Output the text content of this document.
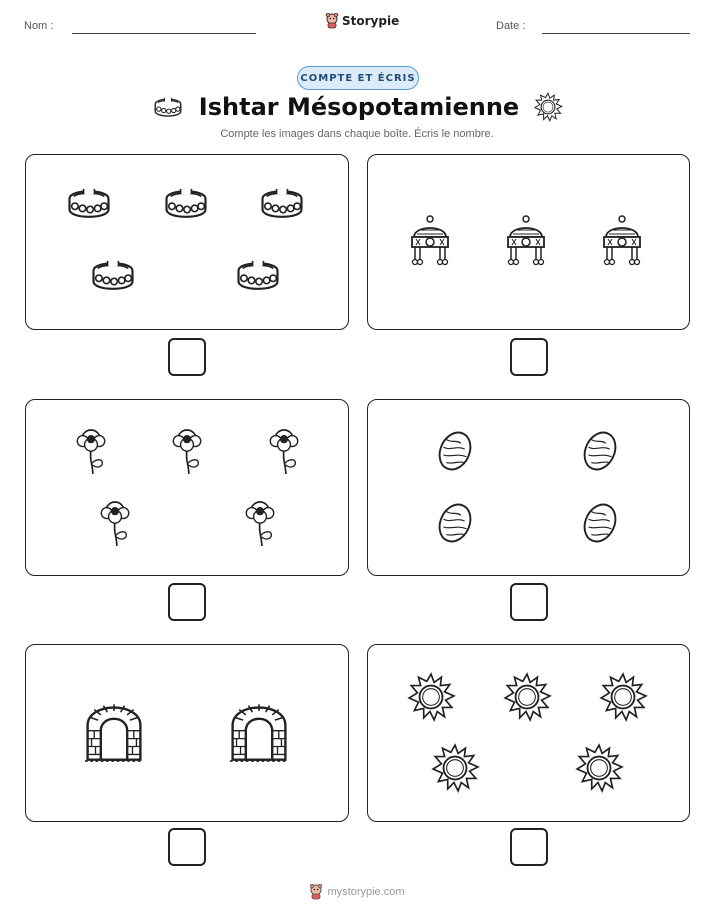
Nom :	Storypie	Date :
COMPTE ET ÉCRIS
Ishtar Mésopotamienne
Compte les images dans chaque boîte. Écris le nombre.
mystorypie.com
